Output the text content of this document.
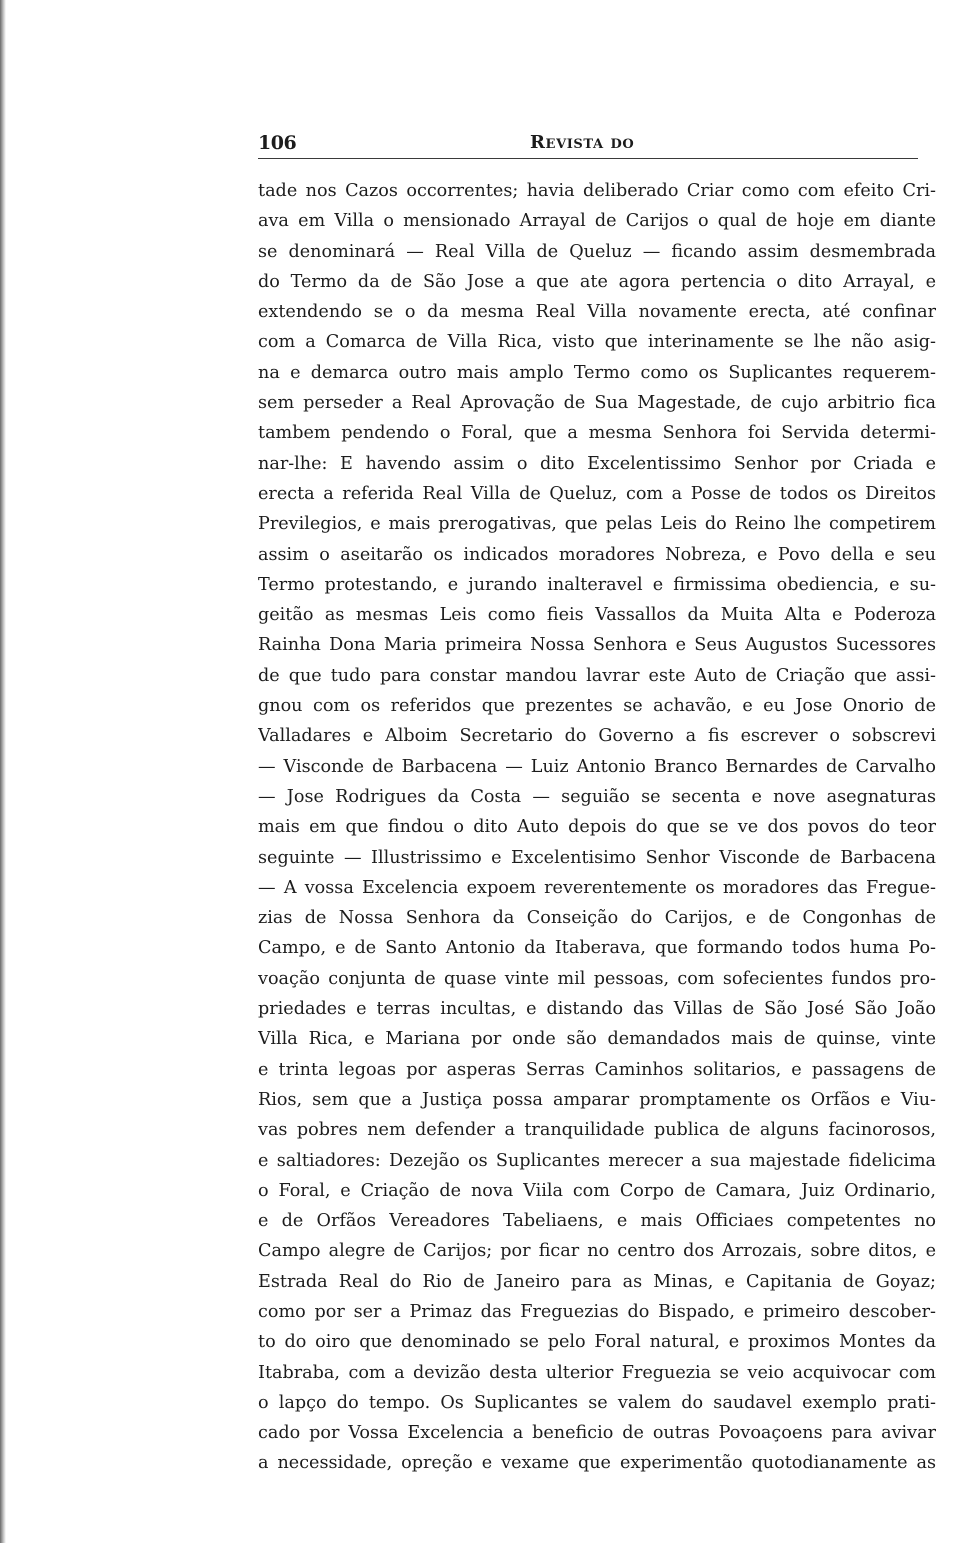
106	Revista do
tade nos Cazos occorrentes; havia deliberado Criar como com efeito Cri-
ava em Villa o mensionado Arrayal de Carijos o qual de hoje em diante
se denominará — Real Villa de Queluz — ficando assim desmembrada
do Termo da de São Jose a que ate agora pertencia o dito Arrayal, e
extendendo se o da mesma Real Villa novamente erecta, até confinar
com a Comarca de Villa Rica, visto que interinamente se lhe não asig-
na e demarca outro mais amplo Termo como os Suplicantes requerem-
sem perseder a Real Aprovação de Sua Magestade, de cujo arbitrio fica
tambem pendendo o Foral, que a mesma Senhora foi Servida determi-
nar-lhe: E havendo assim o dito Excelentissimo Senhor por Criada e
erecta a referida Real Villa de Queluz, com a Posse de todos os Direitos
Previlegios, e mais prerogativas, que pelas Leis do Reino lhe competirem
assim o aseitarão os indicados moradores Nobreza, e Povo della e seu
Termo protestando, e jurando inalteravel e firmissima obediencia, e su-
geitão as mesmas Leis como fieis Vassallos da Muita Alta e Poderoza
Rainha Dona Maria primeira Nossa Senhora e Seus Augustos Sucessores
de que tudo para constar mandou lavrar este Auto de Criação que assi-
gnou com os referidos que prezentes se achavão, e eu Jose Onorio de
Valladares e Alboim Secretario do Governo a fis escrever o sobscrevi
— Visconde de Barbacena — Luiz Antonio Branco Bernardes de Carvalho
— Jose Rodrigues da Costa — seguião se secenta e nove asegnaturas
mais em que findou o dito Auto depois do que se ve dos povos do teor
seguinte — Illustrissimo e Excelentisimo Senhor Visconde de Barbacena
— A vossa Excelencia expoem reverentemente os moradores das Fregue-
zias de Nossa Senhora da Conseição do Carijos, e de Congonhas de
Campo, e de Santo Antonio da Itaberava, que formando todos huma Po-
voação conjunta de quase vinte mil pessoas, com sofecientes fundos pro-
priedades e terras incultas, e distando das Villas de São José São João
Villa Rica, e Mariana por onde são demandados mais de quinse, vinte
e trinta legoas por asperas Serras Caminhos solitarios, e passagens de
Rios, sem que a Justiça possa amparar promptamente os Orfãos e Viu-
vas pobres nem defender a tranquilidade publica de alguns facinorosos,
e saltiadores: Dezejão os Suplicantes merecer a sua majestade fidelicima
o Foral, e Criação de nova Viila com Corpo de Camara, Juiz Ordinario,
e de Orfãos Vereadores Tabeliaens, e mais Officiaes competentes no
Campo alegre de Carijos; por ficar no centro dos Arrozais, sobre ditos, e
Estrada Real do Rio de Janeiro para as Minas, e Capitania de Goyaz;
como por ser a Primaz das Freguezias do Bispado, e primeiro descober-
to do oiro que denominado se pelo Foral natural, e proximos Montes da
Itabraba, com a devizão desta ulterior Freguezia se veio acquivocar com
o lapço do tempo. Os Suplicantes se valem do saudavel exemplo prati-
cado por Vossa Excelencia a beneficio de outras Povoaçoens para avivar
a necessidade, opreção e vexame que experimentão quotodianamente as
